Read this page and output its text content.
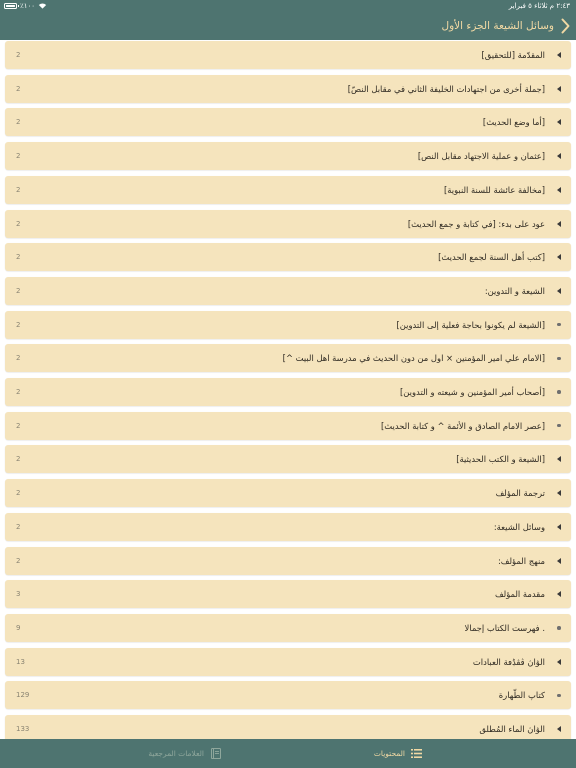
٪١٠٠	٢:٤٣ م ثلاثاء ٥ فبراير
وسائل الشيعة الجزء الأول
2	المقدّمة [للتحقيق]
2	[جملة أخرى من اجتهادات الخليفة الثاني في مقابل النصّ]
2	[أما وضع الحديث]
2	[عثمان و عملية الاجتهاد مقابل النص]
2	[مخالفة عائشة للسنة النبوية]
2	عود على بدء: [في كتابة و جمع الحديث]
2	[كتب أهل السنة لجمع الحديث]
2	الشيعة و التدوين:
2	[الشيعة لم يكونوا بحاجة فعلية إلى التدوين]
2	[الامام علي امير المؤمنين × اول من دون الحديث في مدرسة اهل البيت ^]
2	[أصحاب أمير المؤمنين و شيعته و التدوين]
2	[عصر الامام الصادق و الأئمة ^ و كتابة الحديث]
2	[الشيعة و الكتب الحديثية]
2	ترجمة المؤلف
2	وسائل الشيعة:
2	منهج المؤلف:
3	مقدمة المؤلف
9	. فهرست الكتاب إجمالا
13	الۋاڽ ڨڨڋڡة العبادات
129	كتاپ الطّهارة
133	الۋاڽ الماء المُطلق
المحتويات
العلامات المرجعية
